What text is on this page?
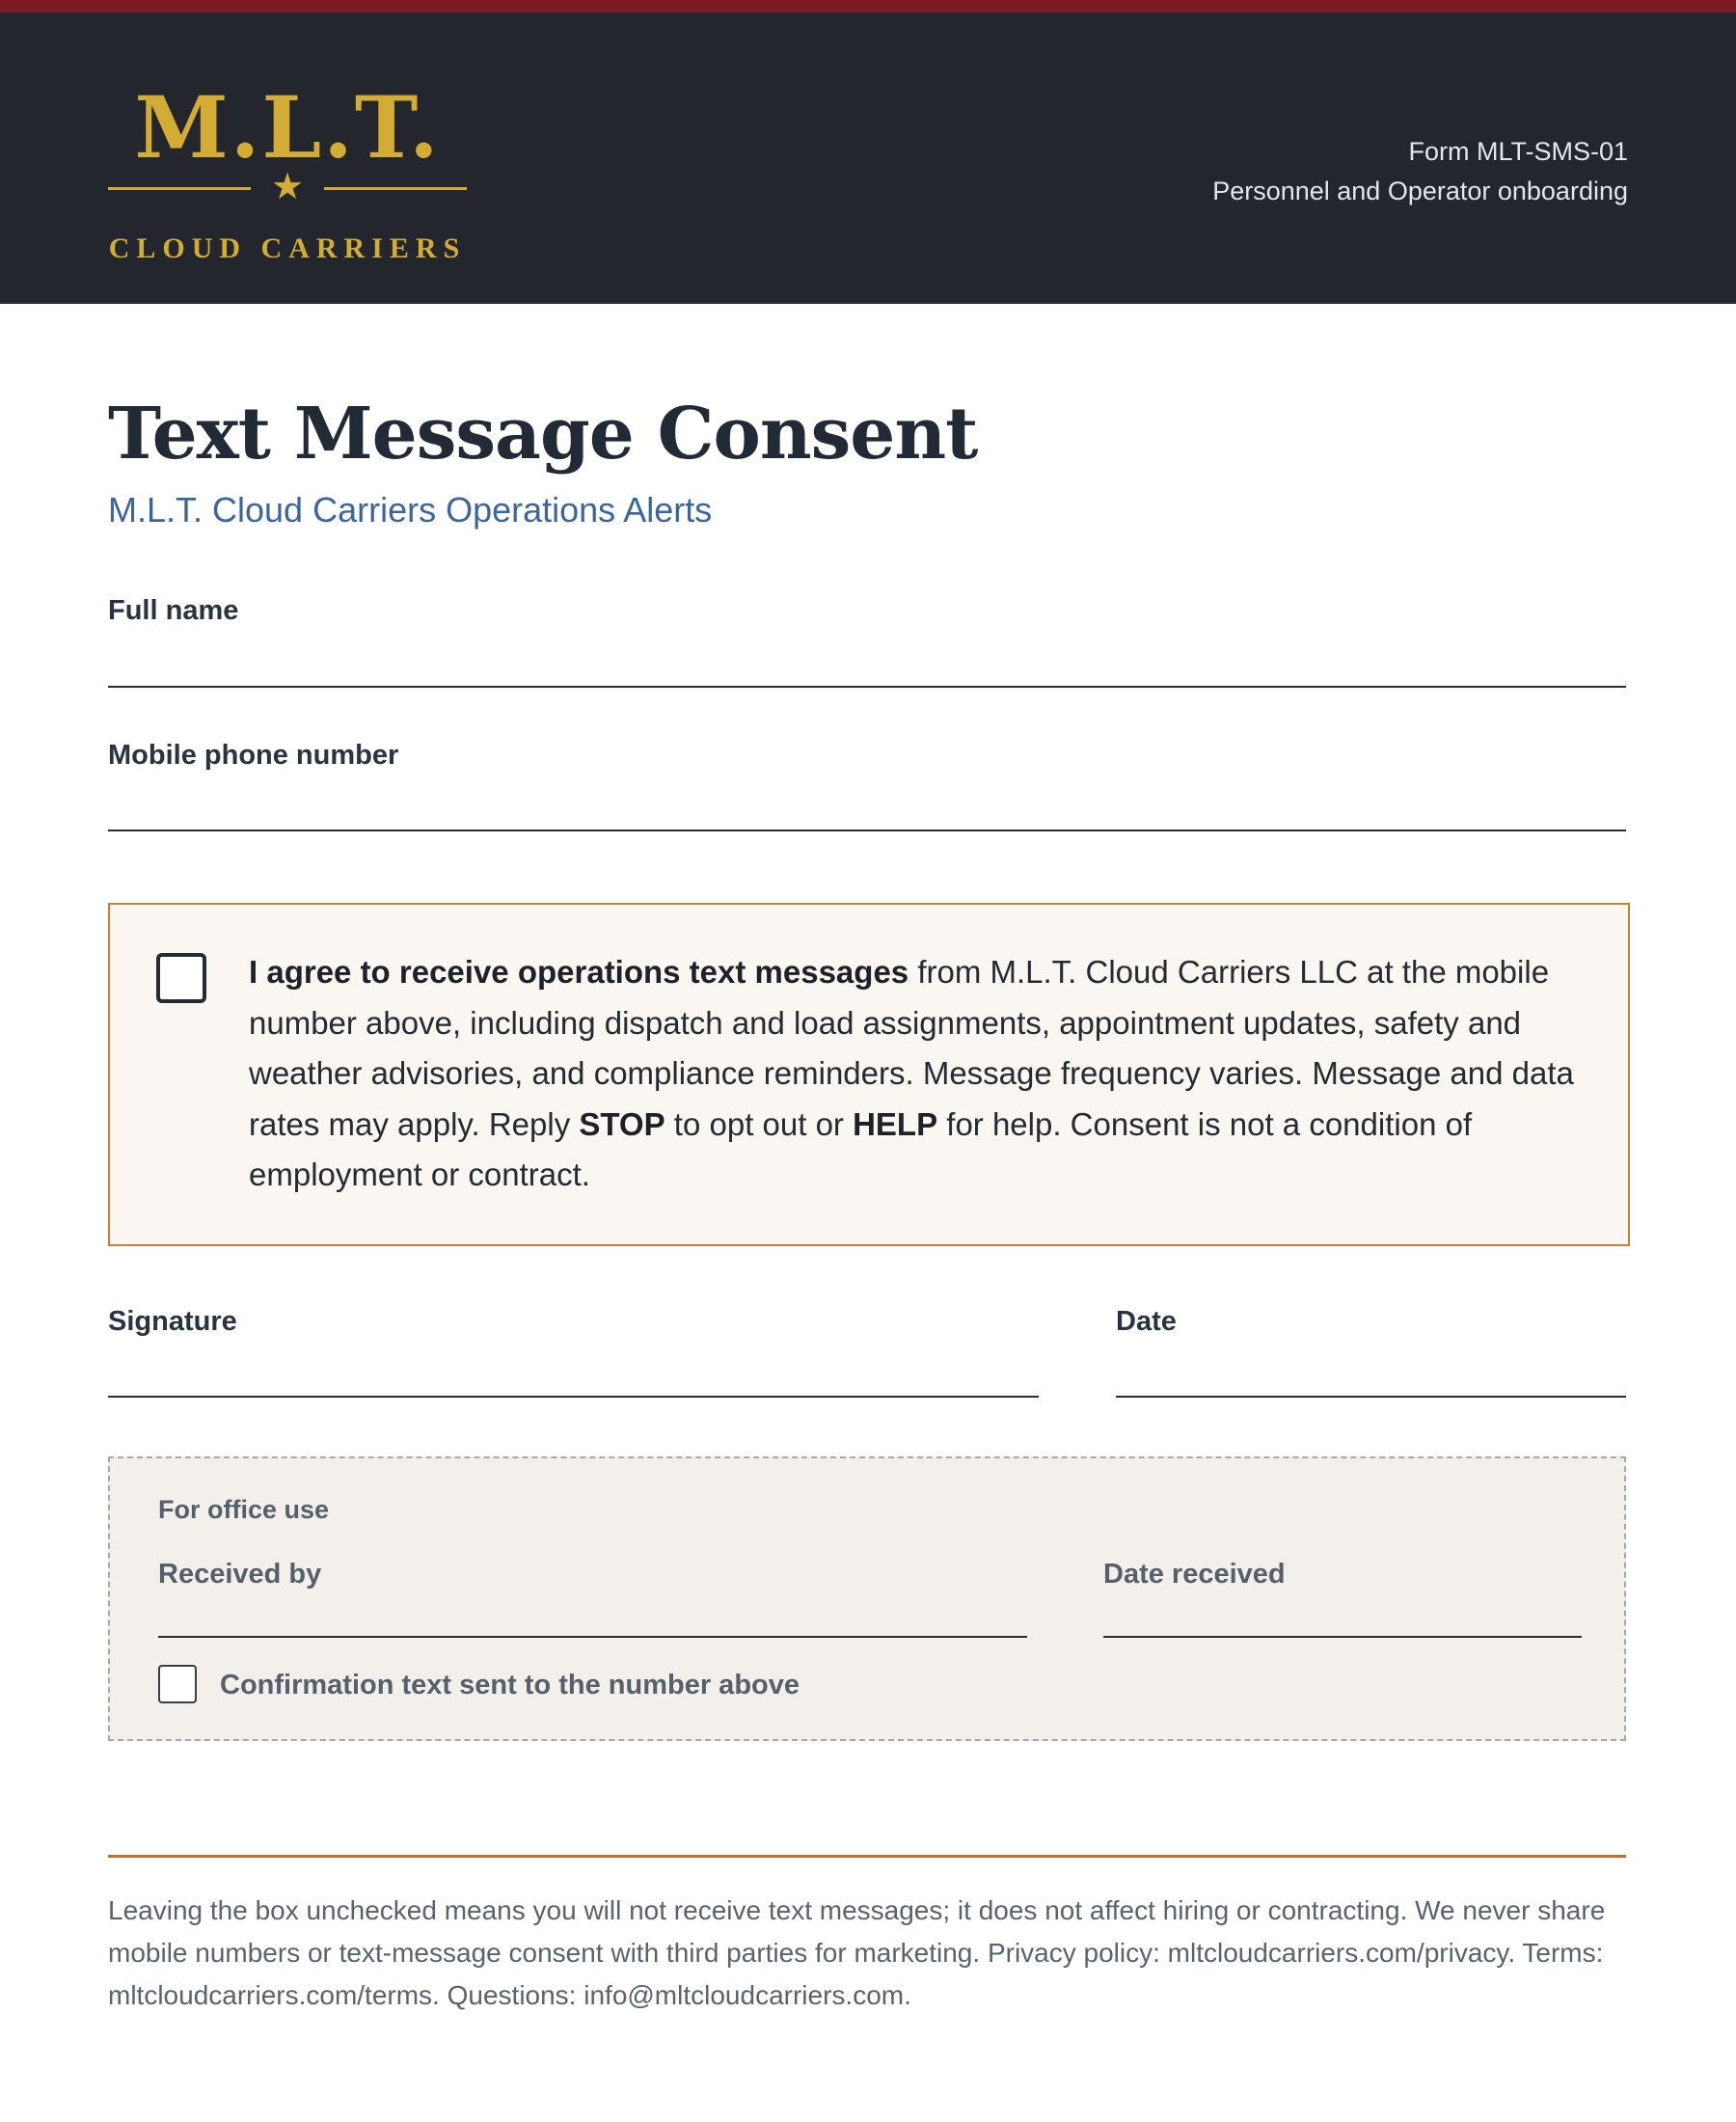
M.L.T.
★
CLOUD CARRIERS
Form MLT-SMS-01
Personnel and Operator onboarding
Text Message Consent
M.L.T. Cloud Carriers Operations Alerts
Full name
Mobile phone number
I agree to receive operations text messages from M.L.T. Cloud Carriers LLC at the mobile number above, including dispatch and load assignments, appointment updates, safety and weather advisories, and compliance reminders. Message frequency varies. Message and data rates may apply. Reply STOP to opt out or HELP for help. Consent is not a condition of employment or contract.
Signature	Date
For office use
Received by	Date received
Confirmation text sent to the number above
Leaving the box unchecked means you will not receive text messages; it does not affect hiring or contracting. We never share mobile numbers or text-message consent with third parties for marketing. Privacy policy: mltcloudcarriers.com/privacy. Terms: mltcloudcarriers.com/terms. Questions: info@mltcloudcarriers.com.
